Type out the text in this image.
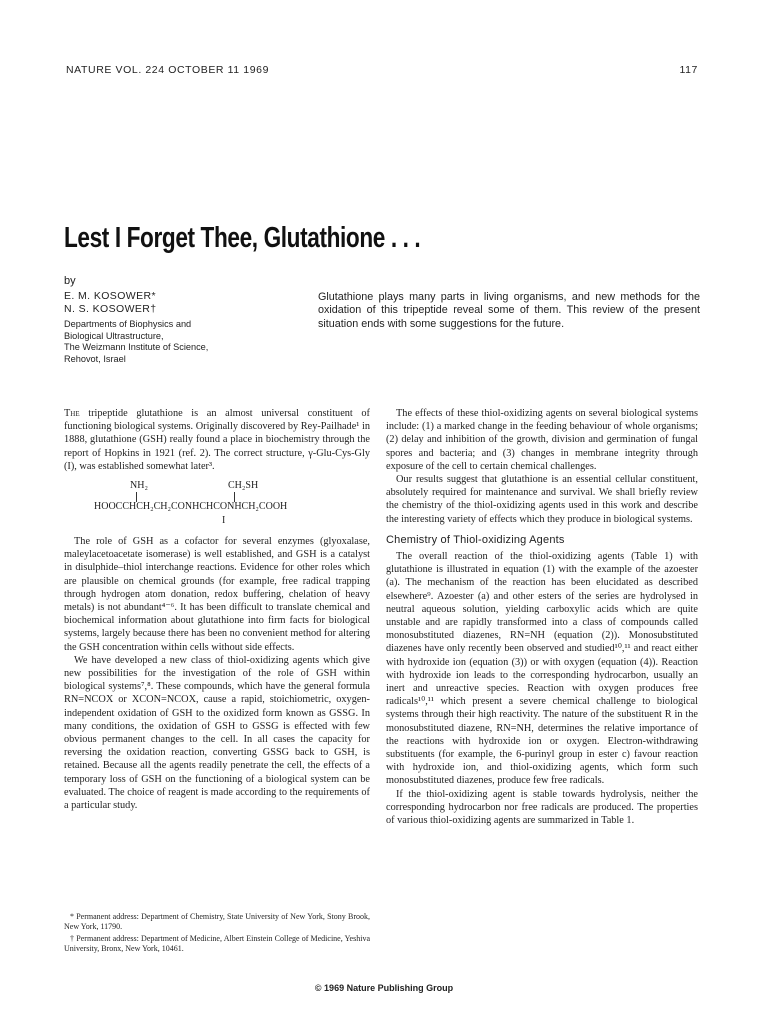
NATURE VOL. 224 OCTOBER 11 1969	117
Lest I Forget Thee, Glutathione . . .
by
E. M. KOSOWER*
N. S. KOSOWER†
Departments of Biophysics and
Biological Ultrastructure,
The Weizmann Institute of Science,
Rehovot, Israel
Glutathione plays many parts in living organisms, and new methods for the oxidation of this tripeptide reveal some of them. This review of the present situation ends with some suggestions for the future.

The tripeptide glutathione is an almost universal constituent of functioning biological systems. Originally discovered by Rey-Pailhade¹ in 1888, glutathione (GSH) really found a place in biochemistry through the report of Hopkins in 1921 (ref. 2). The correct structure, γ-Glu-Cys-Gly (I), was established somewhat later³.

NH₂	CH₂SH
HOOCCHCH₂CH₂CONHCHCONHCH₂COOH
I

The role of GSH as a cofactor for several enzymes (glyoxalase, maleylacetoacetate isomerase) is well established, and GSH is a catalyst in disulphide–thiol interchange reactions. Evidence for other roles which are plausible on chemical grounds (for example, free radical trapping through hydrogen atom donation, redox buffering, chelation of heavy metals) is not abundant⁴⁻⁶. It has been difficult to translate chemical and biochemical information about glutathione into firm facts for biological systems, largely because there has been no convenient method for altering the GSH concentration within cells without side effects.

We have developed a new class of thiol-oxidizing agents which give new possibilities for the investigation of the role of GSH within biological systems⁷,⁸. These compounds, which have the general formula RN=NCOX or XCON=NCOX, cause a rapid, stoichiometric, oxygen-independent oxidation of GSH to the oxidized form known as GSSG. In many conditions, the oxidation of GSH to GSSG is effected with few obvious permanent changes to the cell. In all cases the capacity for reversing the oxidation reaction, converting GSSG back to GSH, is retained. Because all the agents readily penetrate the cell, the effects of a temporary loss of GSH on the functioning of a biological system can be evaluated. The choice of reagent is made according to the requirements of a particular study.

* Permanent address: Department of Chemistry, State University of New York, Stony Brook, New York, 11790.

† Permanent address: Department of Medicine, Albert Einstein College of Medicine, Yeshiva University, Bronx, New York, 10461.

The effects of these thiol-oxidizing agents on several biological systems include: (1) a marked change in the feeding behaviour of whole organisms; (2) delay and inhibition of the growth, division and germination of fungal spores and bacteria; and (3) changes in membrane integrity through exposure of the cell to certain chemical challenges.

Our results suggest that glutathione is an essential cellular constituent, absolutely required for maintenance and survival. We shall briefly review the chemistry of the thiol-oxidizing agents used in this work and describe the interesting variety of effects which they produce in biological systems.

Chemistry of Thiol-oxidizing Agents

The overall reaction of the thiol-oxidizing agents (Table 1) with glutathione is illustrated in equation (1) with the example of the azoester (a). The mechanism of the reaction has been elucidated as described elsewhere⁹. Azoester (a) and other esters of the series are hydrolysed in neutral aqueous solution, yielding carboxylic acids which are quite unstable and are rapidly transformed into a class of compounds called monosubstituted diazenes, RN=NH (equation (2)). Monosubstituted diazenes have only recently been observed and studied¹⁰,¹¹ and react either with hydroxide ion (equation (3)) or with oxygen (equation (4)). Reaction with hydroxide ion leads to the corresponding hydrocarbon, usually an inert and unreactive species. Reaction with oxygen produces free radicals¹⁰,¹¹ which present a severe chemical challenge to biological systems through their high reactivity. The nature of the substituent R in the monosubstituted diazene, RN=NH, determines the relative importance of the reactions with hydroxide ion or oxygen. Electron-withdrawing substituents (for example, the 6-purinyl group in ester c) favour reaction with hydroxide ion, and thiol-oxidizing agents, which form such monosubstituted diazenes, produce few free radicals.

If the thiol-oxidizing agent is stable towards hydrolysis, neither the corresponding hydrocarbon nor free radicals are produced. The properties of various thiol-oxidizing agents are summarized in Table 1.

© 1969 Nature Publishing Group
